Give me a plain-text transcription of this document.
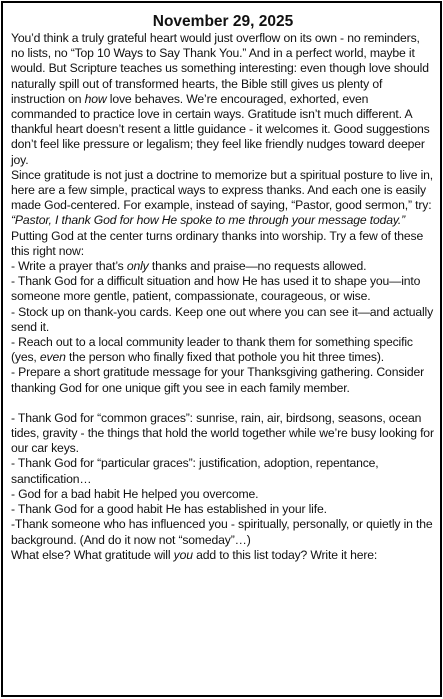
November 29, 2025

You’d think a truly grateful heart would just overflow on its own - no reminders, no lists, no “Top 10 Ways to Say Thank You.” And in a perfect world, maybe it would. But Scripture teaches us something interesting: even though love should naturally spill out of transformed hearts, the Bible still gives us plenty of instruction on how love behaves. We’re encouraged, exhorted, even commanded to practice love in certain ways. Gratitude isn’t much different. A thankful heart doesn’t resent a little guidance - it welcomes it. Good suggestions don’t feel like pressure or legalism; they feel like friendly nudges toward deeper joy.

Since gratitude is not just a doctrine to memorize but a spiritual posture to live in, here are a few simple, practical ways to express thanks. And each one is easily made God-centered. For example, instead of saying, “Pastor, good sermon,” try: “Pastor, I thank God for how He spoke to me through your message today.” Putting God at the center turns ordinary thanks into worship. Try a few of these this right now:

- Write a prayer that’s only thanks and praise—no requests allowed.

- Thank God for a difficult situation and how He has used it to shape you—into someone more gentle, patient, compassionate, courageous, or wise.

- Stock up on thank-you cards. Keep one out where you can see it—and actually send it.

- Reach out to a local community leader to thank them for something specific (yes, even the person who finally fixed that pothole you hit three times).

- Prepare a short gratitude message for your Thanksgiving gathering. Consider thanking God for one unique gift you see in each family member.

- Thank God for “common graces”: sunrise, rain, air, birdsong, seasons, ocean tides, gravity - the things that hold the world together while we’re busy looking for our car keys.

- Thank God for “particular graces”: justification, adoption, repentance, sanctification…

- God for a bad habit He helped you overcome.

- Thank God for a good habit He has established in your life.

-Thank someone who has influenced you - spiritually, personally, or quietly in the background. (And do it now not “someday”…)

What else? What gratitude will you add to this list today? Write it here:
